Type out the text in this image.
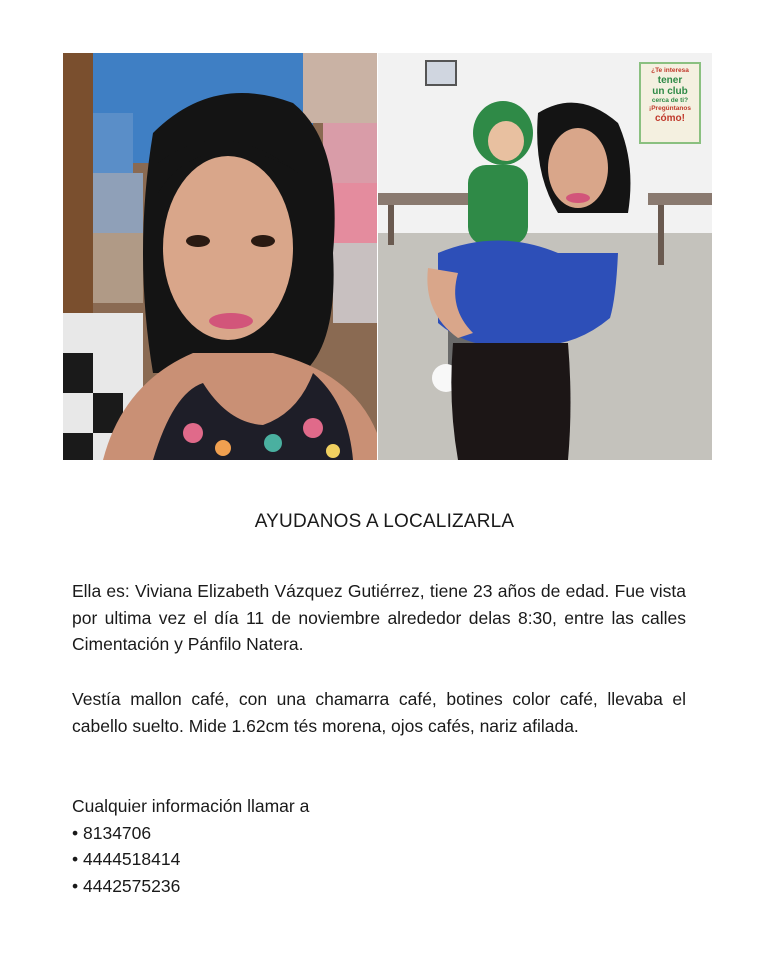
¿Te interesa
tener
un club
cerca de ti?
¡Pregúntanos
cómo!
AYUDANOS A LOCALIZARLA
Ella es: Viviana Elizabeth Vázquez Gutiérrez, tiene 23 años de edad. Fue vista por ultima vez el día 11 de noviembre alrededor delas 8:30, entre las calles Cimentación y Pánfilo Natera.
Vestía mallon café, con una chamarra café, botines color café, llevaba el cabello suelto. Mide 1.62cm tés morena, ojos cafés, nariz afilada.
Cualquier información llamar a
• 8134706
• 4444518414
• 4442575236
